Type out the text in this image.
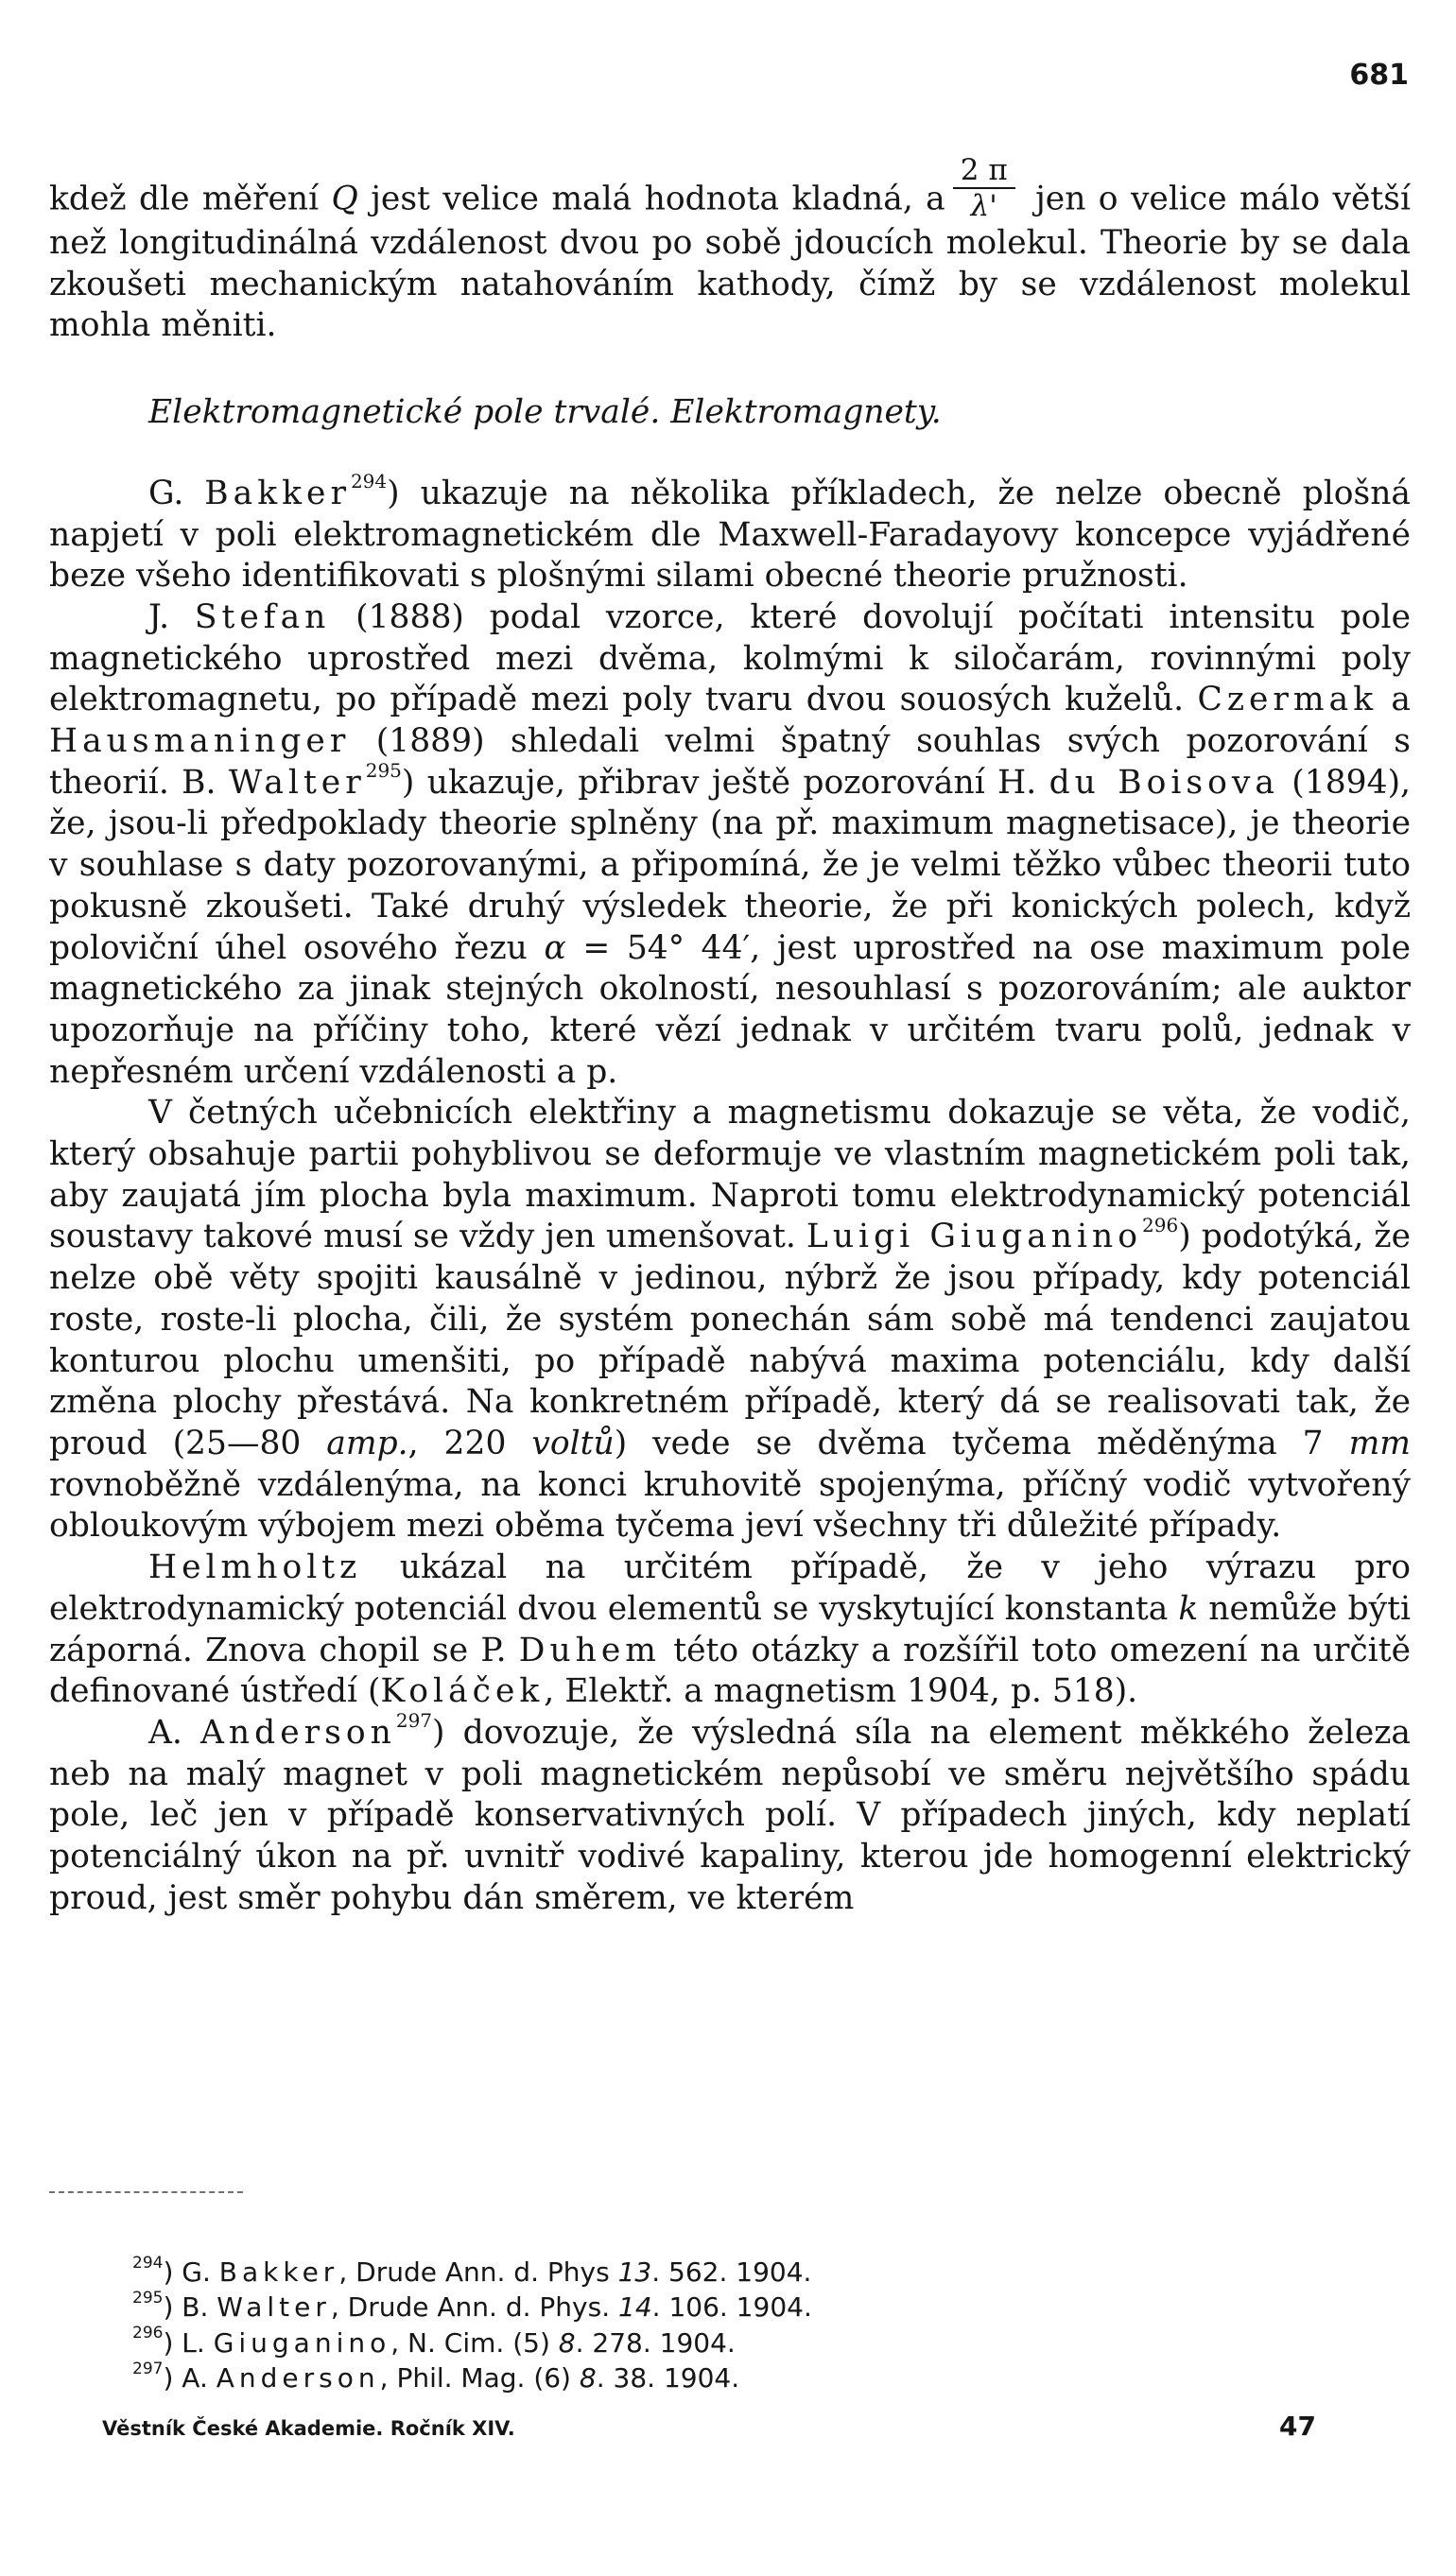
681

kdež dle měření Q jest velice malá hodnota kladná, a $\frac{2 \pi}{\lambda'}$ jen o velice málo větší než longitudinálná vzdálenost dvou po sobě jdoucích molekul. Theorie by se dala zkoušeti mechanickým natahováním kathody, čímž by se vzdálenost molekul mohla měniti.

Elektromagnetické pole trvalé. Elektromagnety.

G. Bakker$^{294}$) ukazuje na několika příkladech, že nelze obecně plošná napjetí v poli elektromagnetickém dle Maxwell-Faradayovy koncepce vyjádřené beze všeho identifikovati s plošnými silami obecné theorie pružnosti.

J. Stefan (1888) podal vzorce, které dovolují počítati intensitu pole magnetického uprostřed mezi dvěma, kolmými k siločarám, rovinnými poly elektromagnetu, po případě mezi poly tvaru dvou souosých kuželů. Czermak a Hausmaninger (1889) shledali velmi špatný souhlas svých pozorování s theorií. B. Walter$^{295}$) ukazuje, přibrav ještě pozorování H. du Boisova (1894), že, jsou-li předpoklady theorie splněny (na př. maximum magnetisace), je theorie v souhlase s daty pozorovanými, a připomíná, že je velmi těžko vůbec theorii tuto pokusně zkoušeti. Také druhý výsledek theorie, že při konických polech, když poloviční úhel osového řezu α = 54° 44′, jest uprostřed na ose maximum pole magnetického za jinak stejných okolností, nesouhlasí s pozorováním; ale auktor upozorňuje na příčiny toho, které vězí jednak v určitém tvaru polů, jednak v nepřesném určení vzdálenosti a p.

V četných učebnicích elektřiny a magnetismu dokazuje se věta, že vodič, který obsahuje partii pohyblivou se deformuje ve vlastním magnetickém poli tak, aby zaujatá jím plocha byla maximum. Naproti tomu elektrodynamický potenciál soustavy takové musí se vždy jen umenšovat. Luigi Giuganino$^{296}$) podotýká, že nelze obě věty spojiti kausálně v jedinou, nýbrž že jsou případy, kdy potenciál roste, roste-li plocha, čili, že systém ponechán sám sobě má tendenci zaujatou konturou plochu umenšiti, po případě nabývá maxima potenciálu, kdy další změna plochy přestává. Na konkretném případě, který dá se realisovati tak, že proud (25—80 amp., 220 voltů) vede se dvěma tyčema měděnýma 7 mm rovnoběžně vzdálenýma, na konci kruhovitě spojenýma, příčný vodič vytvořený obloukovým výbojem mezi oběma tyčema jeví všechny tři důležité případy.

Helmholtz ukázal na určitém případě, že v jeho výrazu pro elektrodynamický potenciál dvou elementů se vyskytující konstanta k nemůže býti záporná. Znova chopil se P. Duhem této otázky a rozšířil toto omezení na určitě definované ústředí (Koláček, Elektř. a magnetism 1904, p. 518).

A. Anderson$^{297}$) dovozuje, že výsledná síla na element měkkého železa neb na malý magnet v poli magnetickém nepůsobí ve směru největšího spádu pole, leč jen v případě konservativných polí. V případech jiných, kdy neplatí potenciálný úkon na př. uvnitř vodivé kapaliny, kterou jde homogenní elektrický proud, jest směr pohybu dán směrem, ve kterém

$^{294}$) G. Bakker, Drude Ann. d. Phys 13. 562. 1904.
$^{295}$) B. Walter, Drude Ann. d. Phys. 14. 106. 1904.
$^{296}$) L. Giuganino, N. Cim. (5) 8. 278. 1904.
$^{297}$) A. Anderson, Phil. Mag. (6) 8. 38. 1904.
Věstník České Akademie. Ročník XIV.	47
